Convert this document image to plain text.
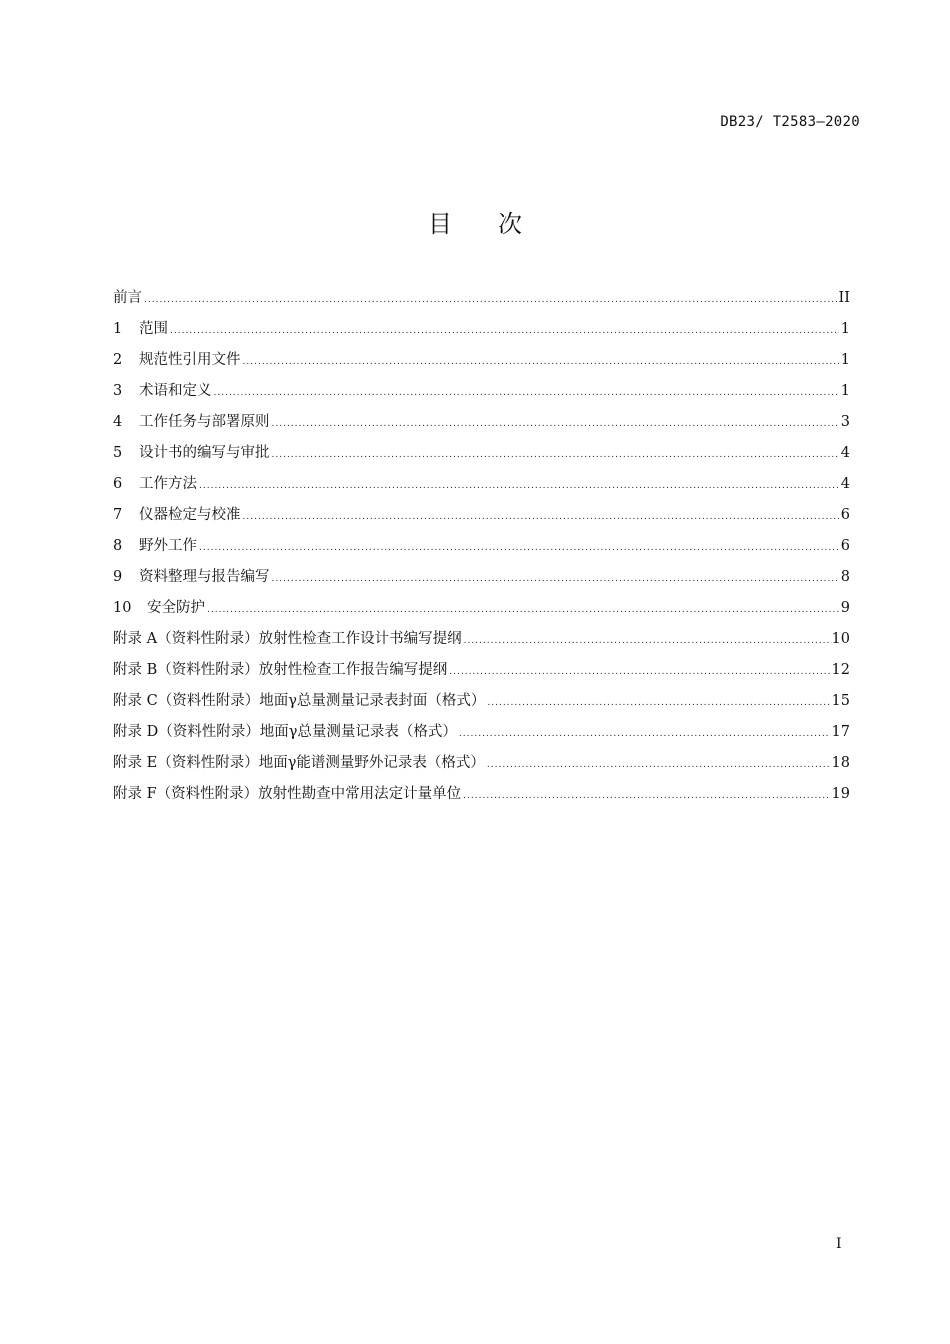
DB23/ T2583—2020
目 次
前言 .....	II
1	范围 .....	1
2	规范性引用文件 .....	1
3	术语和定义 .....	1
4	工作任务与部署原则 .....	3
5	设计书的编写与审批 .....	4
6	工作方法 .....	4
7	仪器检定与校准 .....	6
8	野外工作 .....	6
9	资料整理与报告编写 .....	8
10	安全防护 .....	9
附录 A（资料性附录） 放射性检查工作设计书编写提纲 .....	10
附录 B（资料性附录） 放射性检查工作报告编写提纲 .....	12
附录 C（资料性附录） 地面γ总量测量记录表封面（格式） .....	15
附录 D（资料性附录） 地面γ总量测量记录表（格式） .....	17
附录 E（资料性附录） 地面γ能谱测量野外记录表（格式） .....	18
附录 F（资料性附录） 放射性勘查中常用法定计量单位 .....	19
I
